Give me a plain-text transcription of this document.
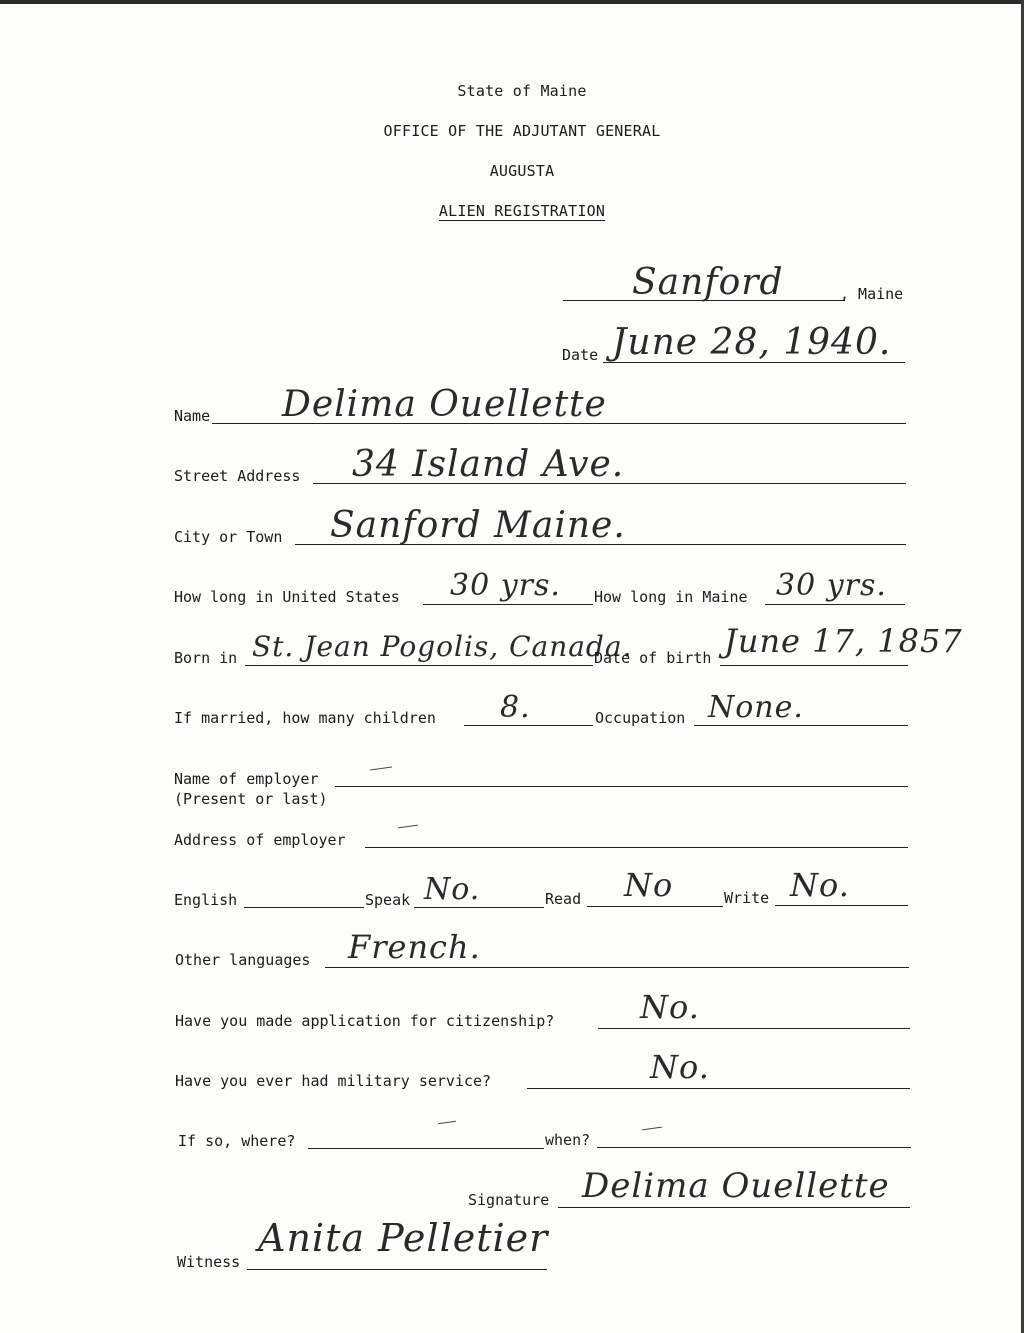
State of Maine
OFFICE OF THE ADJUTANT GENERAL
AUGUSTA
ALIEN REGISTRATION
Sanford	, Maine
Date June 28, 1940.
Name Delima Ouellette
Street Address 34 Island Ave.
City or Town Sanford Maine.
How long in United States 30 yrs. How long in Maine 30 yrs.
Born in St. Jean Pogolis, Canada.
Date of birth June 17, 1857
If married, how many children 8.	Occupation None.
Name of employer
(Present or last)
Address of employer
English	Speak No.	Read No	Write No.
Other languages French.
Have you made application for citizenship?	No.
Have you ever had military service?	No.
If so, where?	when?
Signature Delima Ouellette
Witness
Anita Pelletier
